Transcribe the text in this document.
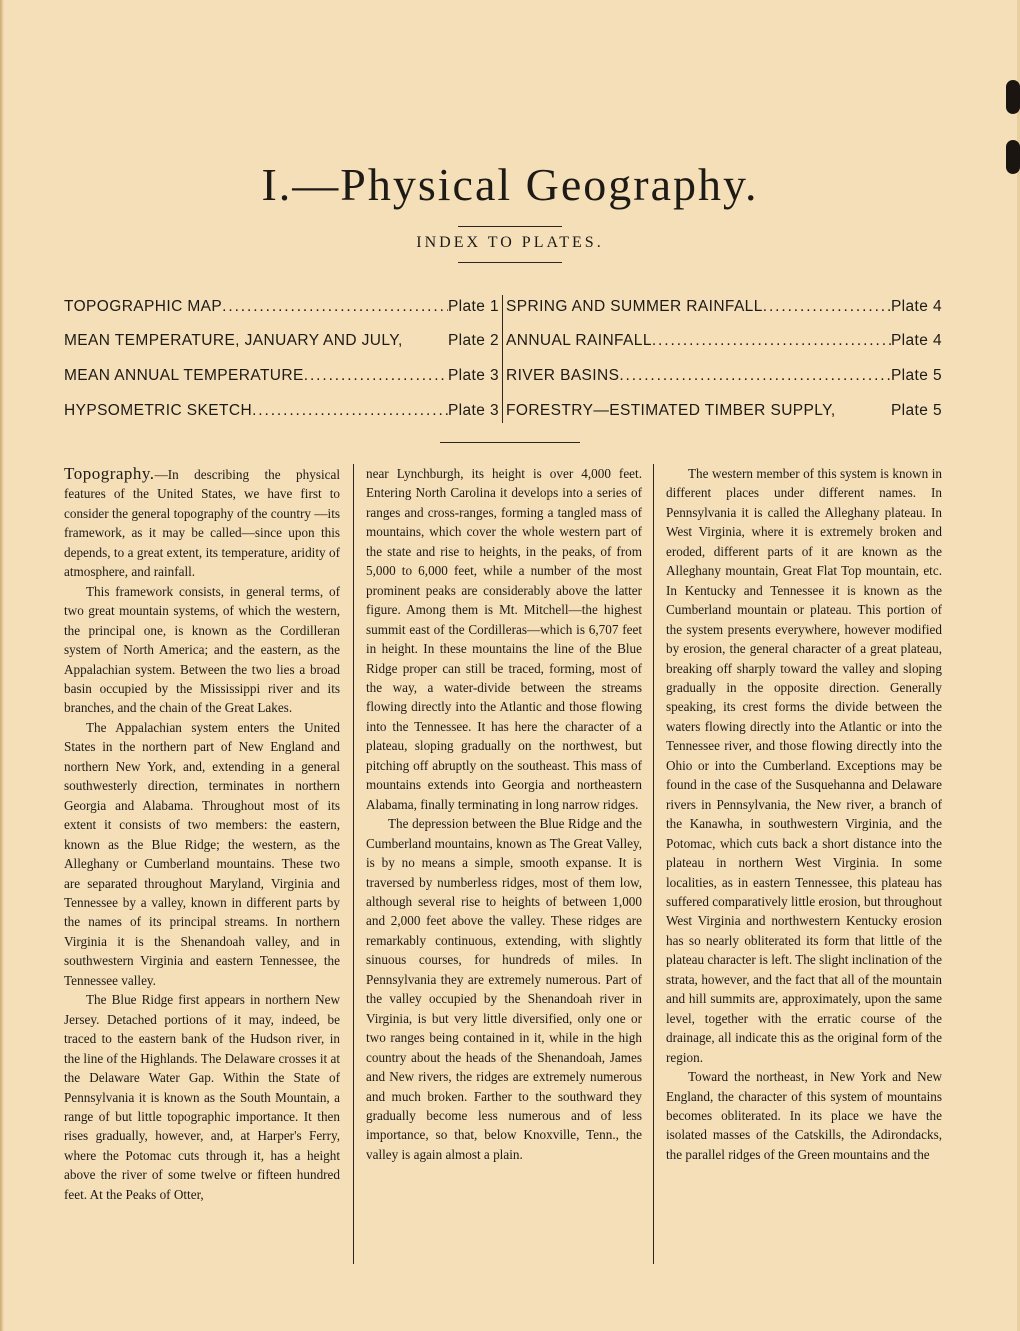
I.—Physical Geography.
INDEX TO PLATES.
TOPOGRAPHIC MAP . . .	Plate 1
MEAN TEMPERATURE, JANUARY AND JULY,	Plate 2
MEAN ANNUAL TEMPERATURE . . .	Plate 3
HYPSOMETRIC SKETCH . . .	Plate 3
SPRING AND SUMMER RAINFALL . . .	Plate 4
ANNUAL RAINFALL . . .	Plate 4
RIVER BASINS . . .	Plate 5
FORESTRY—ESTIMATED TIMBER SUPPLY,	Plate 5

Topography.—In describing the physical features of the United States, we have first to consider the general topography of the country —its framework, as it may be called—since upon this depends, to a great extent, its temperature, aridity of atmosphere, and rainfall.

This framework consists, in general terms, of two great mountain systems, of which the western, the principal one, is known as the Cordilleran system of North America; and the eastern, as the Appalachian system. Between the two lies a broad basin occupied by the Mississippi river and its branches, and the chain of the Great Lakes.

The Appalachian system enters the United States in the northern part of New England and northern New York, and, extending in a general southwesterly direction, terminates in northern Georgia and Alabama. Throughout most of its extent it consists of two members: the eastern, known as the Blue Ridge; the western, as the Alleghany or Cumberland mountains. These two are separated throughout Maryland, Virginia and Tennessee by a valley, known in different parts by the names of its principal streams. In northern Virginia it is the Shenandoah valley, and in southwestern Virginia and eastern Tennessee, the Tennessee valley.

The Blue Ridge first appears in northern New Jersey. Detached portions of it may, indeed, be traced to the eastern bank of the Hudson river, in the line of the Highlands. The Delaware crosses it at the Delaware Water Gap. Within the State of Pennsylvania it is known as the South Mountain, a range of but little topographic importance. It then rises gradually, however, and, at Harper's Ferry, where the Potomac cuts through it, has a height above the river of some twelve or fifteen hundred feet. At the Peaks of Otter,

near Lynchburgh, its height is over 4,000 feet. Entering North Carolina it develops into a series of ranges and cross-ranges, forming a tangled mass of mountains, which cover the whole western part of the state and rise to heights, in the peaks, of from 5,000 to 6,000 feet, while a number of the most prominent peaks are considerably above the latter figure. Among them is Mt. Mitchell—the highest summit east of the Cordilleras—which is 6,707 feet in height. In these mountains the line of the Blue Ridge proper can still be traced, forming, most of the way, a water-divide between the streams flowing directly into the Atlantic and those flowing into the Tennessee. It has here the character of a plateau, sloping gradually on the northwest, but pitching off abruptly on the southeast. This mass of mountains extends into Georgia and northeastern Alabama, finally terminating in long narrow ridges.

The depression between the Blue Ridge and the Cumberland mountains, known as The Great Valley, is by no means a simple, smooth expanse. It is traversed by numberless ridges, most of them low, although several rise to heights of between 1,000 and 2,000 feet above the valley. These ridges are remarkably continuous, extending, with slightly sinuous courses, for hundreds of miles. In Pennsylvania they are extremely numerous. Part of the valley occupied by the Shenandoah river in Virginia, is but very little diversified, only one or two ranges being contained in it, while in the high country about the heads of the Shenandoah, James and New rivers, the ridges are extremely numerous and much broken. Farther to the southward they gradually become less numerous and of less importance, so that, below Knoxville, Tenn., the valley is again almost a plain.

The western member of this system is known in different places under different names. In Pennsylvania it is called the Alleghany plateau. In West Virginia, where it is extremely broken and eroded, different parts of it are known as the Alleghany mountain, Great Flat Top mountain, etc. In Kentucky and Tennessee it is known as the Cumberland mountain or plateau. This portion of the system presents everywhere, however modified by erosion, the general character of a great plateau, breaking off sharply toward the valley and sloping gradually in the opposite direction. Generally speaking, its crest forms the divide between the waters flowing directly into the Atlantic or into the Tennessee river, and those flowing directly into the Ohio or into the Cumberland. Exceptions may be found in the case of the Susquehanna and Delaware rivers in Pennsylvania, the New river, a branch of the Kanawha, in southwestern Virginia, and the Potomac, which cuts back a short distance into the plateau in northern West Virginia. In some localities, as in eastern Tennessee, this plateau has suffered comparatively little erosion, but throughout West Virginia and northwestern Kentucky erosion has so nearly obliterated its form that little of the plateau character is left. The slight inclination of the strata, however, and the fact that all of the mountain and hill summits are, approximately, upon the same level, together with the erratic course of the drainage, all indicate this as the original form of the region.

Toward the northeast, in New York and New England, the character of this system of mountains becomes obliterated. In its place we have the isolated masses of the Catskills, the Adirondacks, the parallel ridges of the Green mountains and the
